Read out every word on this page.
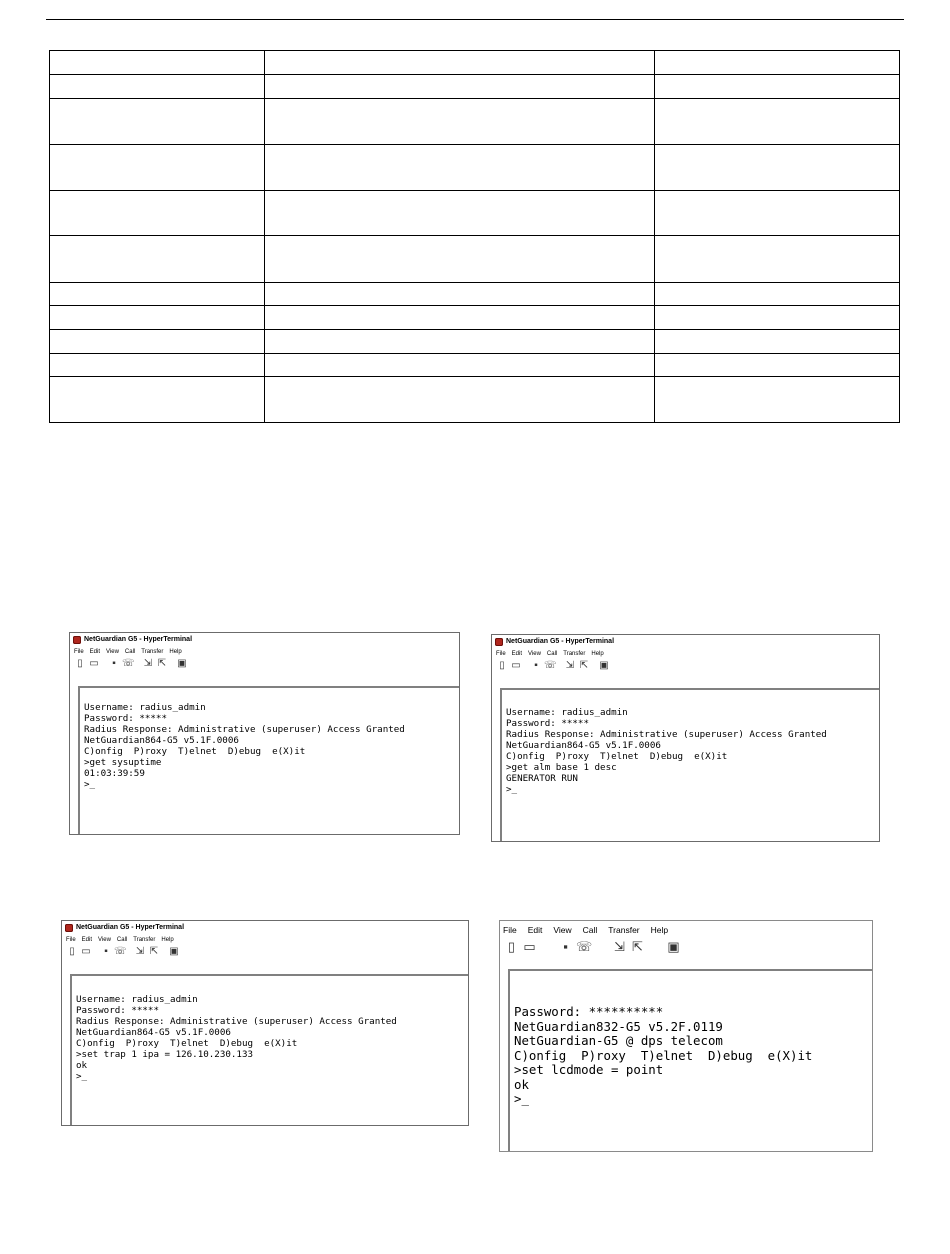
NetGuardian G5 - HyperTerminal
File Edit View Call Transfer Help
▯ ▭	▪ ☏ ⇲ ⇱ ▣
Username: radius_admin
Password: *****
Radius Response: Administrative (superuser) Access Granted
NetGuardian864-G5 v5.1F.0006
C)onfig  P)roxy  T)elnet  D)ebug  e(X)it
>get sysuptime
01:03:39:59
>_
NetGuardian G5 - HyperTerminal
File Edit View Call Transfer Help
▯ ▭	▪ ☏ ⇲ ⇱ ▣
Username: radius_admin
Password: *****
Radius Response: Administrative (superuser) Access Granted
NetGuardian864-G5 v5.1F.0006
C)onfig  P)roxy  T)elnet  D)ebug  e(X)it
>get alm base 1 desc
GENERATOR RUN
>_
NetGuardian G5 - HyperTerminal
File Edit View Call Transfer Help
▯ ▭	▪ ☏ ⇲ ⇱ ▣
Username: radius_admin
Password: *****
Radius Response: Administrative (superuser) Access Granted
NetGuardian864-G5 v5.1F.0006
C)onfig  P)roxy  T)elnet  D)ebug  e(X)it
>set trap 1 ipa = 126.10.230.133
ok
>_
File Edit View Call Transfer Help
▯ ▭	▪ ☏ ⇲ ⇱ ▣
Password: **********
NetGuardian832-G5 v5.2F.0119
NetGuardian-G5 @ dps telecom
C)onfig  P)roxy  T)elnet  D)ebug  e(X)it
>set lcdmode = point
ok
>_
